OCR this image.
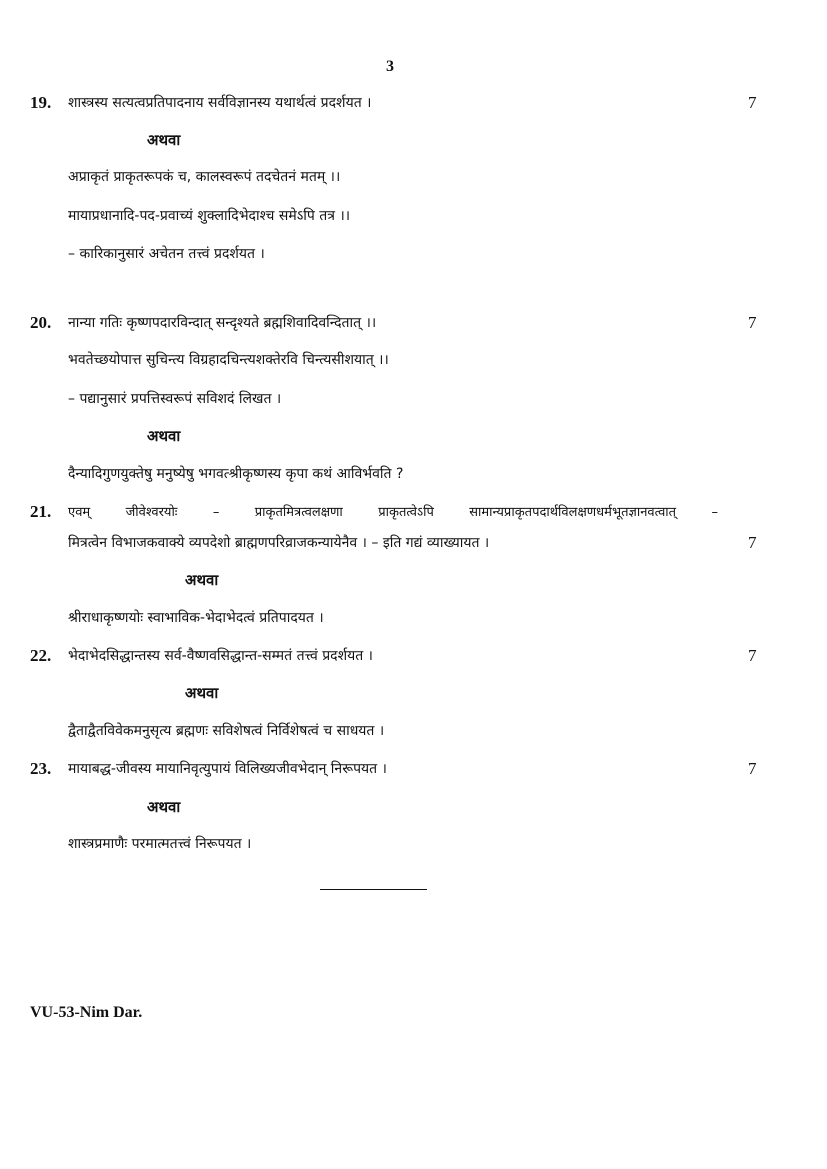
3
19. शास्त्रस्य सत्यत्वप्रतिपादनाय सर्वविज्ञानस्य यथार्थत्वं प्रदर्शयत ।	7
अथवा
अप्राकृतं प्राकृतरूपकं च, कालस्वरूपं तदचेतनं मतम् ।।
मायाप्रधानादि-पद-प्रवाच्यं शुक्लादिभेदाश्च समेऽपि तत्र ।।
– कारिकानुसारं अचेतन तत्त्वं प्रदर्शयत ।
20. नान्या गतिः कृष्णपदारविन्दात् सन्दृश्यते ब्रह्मशिवादिवन्दितात् ।।	7
भवतेच्छयोपात्त सुचिन्त्य विग्रहादचिन्त्यशक्तेरवि चिन्त्यसीशयात् ।।
– पद्यानुसारं प्रपत्तिस्वरूपं सविशदं लिखत ।
अथवा
दैन्यादिगुणयुक्तेषु मनुष्येषु भगवत्श्रीकृष्णस्य कृपा कथं आविर्भवति ?
21. एवम् जीवेश्वरयोः – प्राकृतमित्रत्वलक्षणा प्राकृतत्वेऽपि सामान्यप्राकृतपदार्थविलक्षणधर्मभूतज्ञानवत्वात् –
मित्रत्वेन विभाजकवाक्ये व्यपदेशो ब्राह्मणपरिव्राजकन्यायेनैव । – इति गद्यं व्याख्यायत ।	7
अथवा
श्रीराधाकृष्णयोः स्वाभाविक-भेदाभेदत्वं प्रतिपादयत ।
22. भेदाभेदसिद्धान्तस्य सर्व-वैष्णवसिद्धान्त-सम्मतं तत्त्वं प्रदर्शयत ।	7
अथवा
द्वैताद्वैतविवेकमनुसृत्य ब्रह्मणः सविशेषत्वं निर्विशेषत्वं च साधयत ।
23. मायाबद्ध-जीवस्य मायानिवृत्युपायं विलिख्यजीवभेदान् निरूपयत ।	7
अथवा
शास्त्रप्रमाणैः परमात्मतत्त्वं निरूपयत ।
VU-53-Nim Dar.
